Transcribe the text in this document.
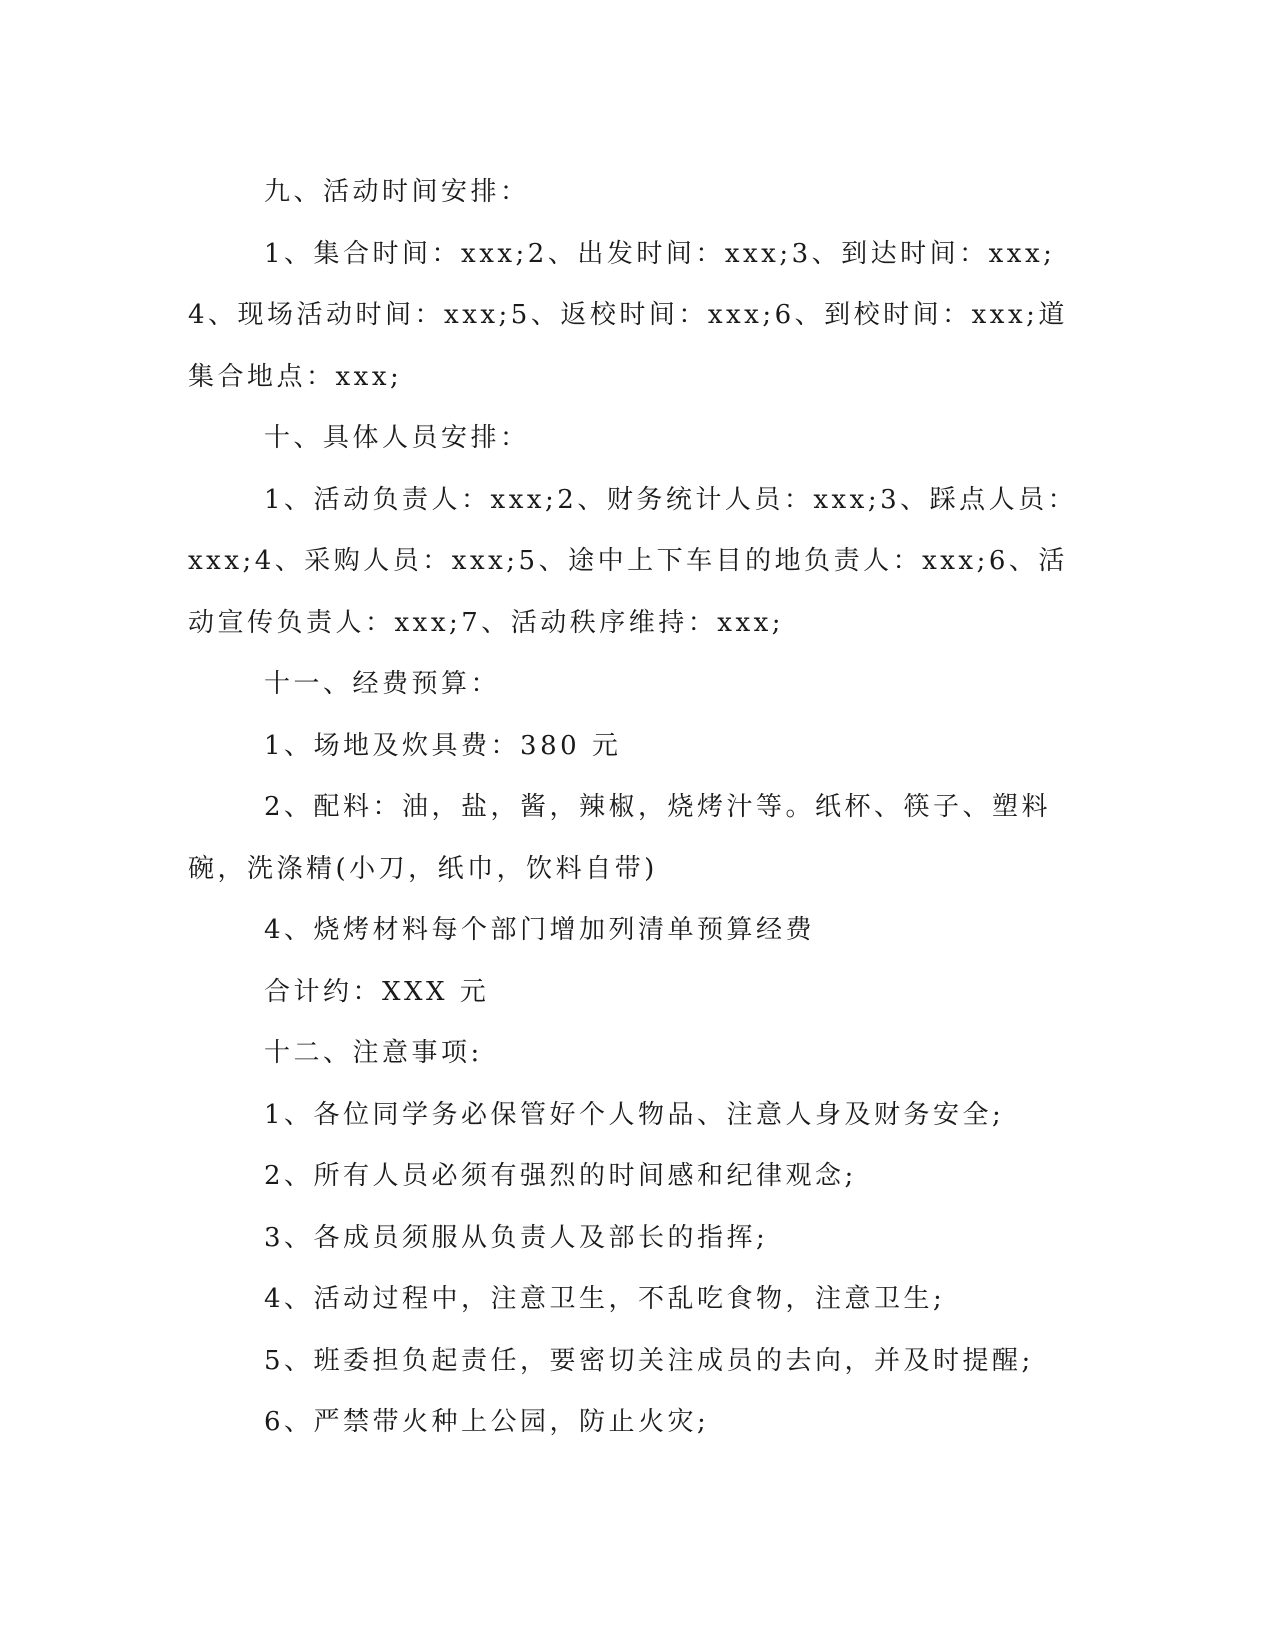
九、活动时间安排：

1、集合时间：xxx;2、出发时间：xxx;3、到达时间：xxx;4、现场活动时间：xxx;5、返校时间：xxx;6、到校时间：xxx;道集合地点：xxx;

十、具体人员安排：

1、活动负责人：xxx;2、财务统计人员：xxx;3、踩点人员：xxx;4、采购人员：xxx;5、途中上下车目的地负责人：xxx;6、活动宣传负责人：xxx;7、活动秩序维持：xxx;

十一、经费预算：

1、场地及炊具费：380 元

2、配料：油，盐，酱，辣椒，烧烤汁等。纸杯、筷子、塑料碗，洗涤精(小刀，纸巾，饮料自带)

4、烧烤材料每个部门增加列清单预算经费

合计约：XXX 元

十二、注意事项:

1、各位同学务必保管好个人物品、注意人身及财务安全;

2、所有人员必须有强烈的时间感和纪律观念;

3、各成员须服从负责人及部长的指挥;

4、活动过程中，注意卫生，不乱吃食物，注意卫生;

5、班委担负起责任，要密切关注成员的去向，并及时提醒;

6、严禁带火种上公园，防止火灾;
